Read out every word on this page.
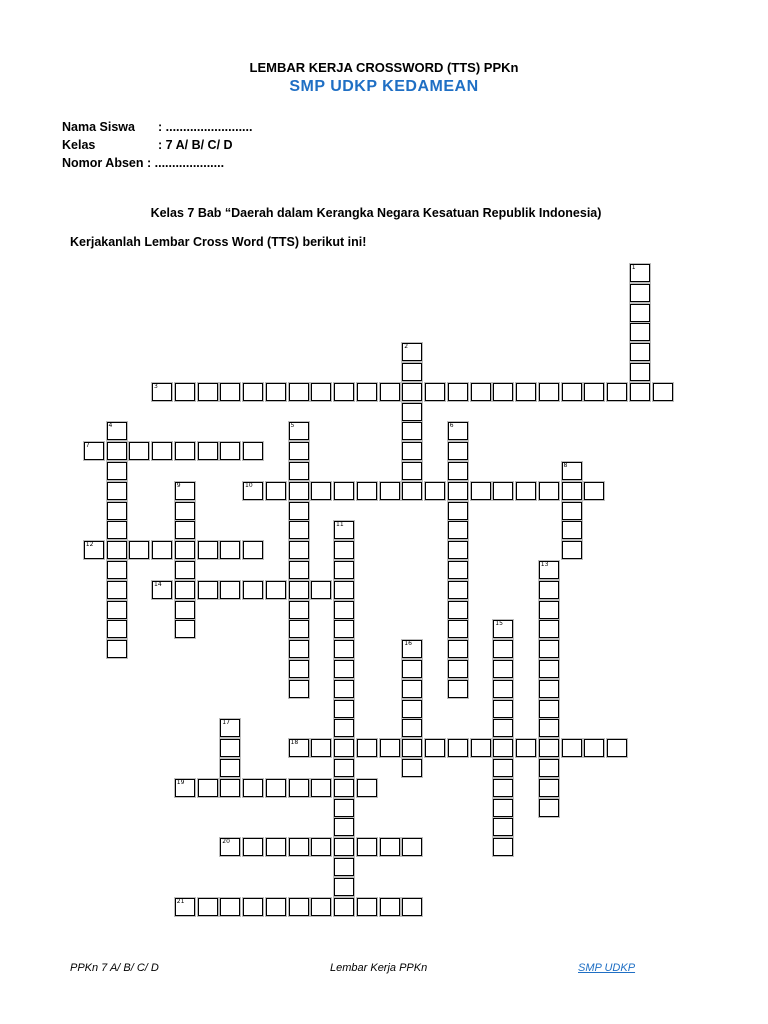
LEMBAR KERJA CROSSWORD (TTS) PPKn
SMP UDKP KEDAMEAN
Nama Siswa : .........................
Kelas	: 7 A/ B/ C/ D
Nomor Absen : ....................
Kelas 7 Bab “Daerah dalam Kerangka Negara Kesatuan Republik Indonesia)
Kerjakanlah Lembar Cross Word (TTS) berikut ini!
1
2
3
4	5	6
7
8
9	10
11
12
13
14
15
16
17
18
19
20
21
PPKn 7 A/ B/ C/ D	Lembar Kerja PPKn	SMP UDKP
